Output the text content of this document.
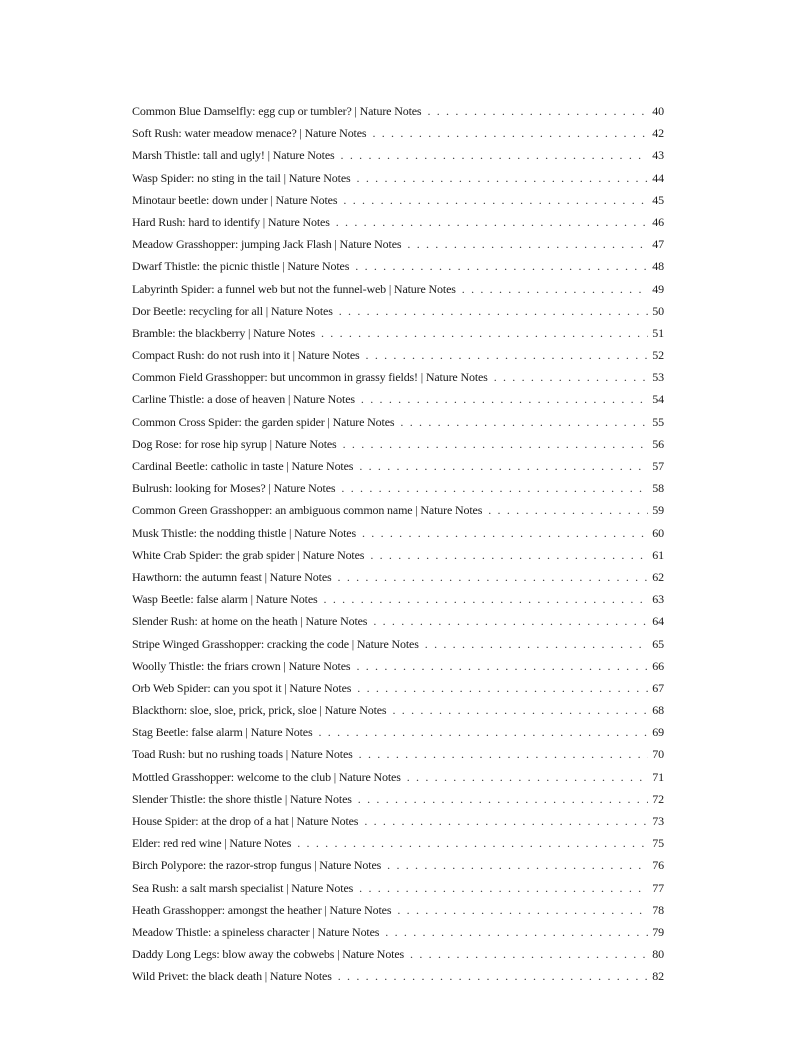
Common Blue Damselfly: egg cup or tumbler? | Nature Notes . . .	40
Soft Rush: water meadow menace? | Nature Notes . . .	42
Marsh Thistle: tall and ugly! | Nature Notes . . .	43
Wasp Spider: no sting in the tail | Nature Notes . . .	44
Minotaur beetle: down under | Nature Notes . . .	45
Hard Rush: hard to identify | Nature Notes . . .	46
Meadow Grasshopper: jumping Jack Flash | Nature Notes . . .	47
Dwarf Thistle: the picnic thistle | Nature Notes . . .	48
Labyrinth Spider: a funnel web but not the funnel-web | Nature Notes . . .	49
Dor Beetle: recycling for all | Nature Notes . . .	50
Bramble: the blackberry | Nature Notes . . .	51
Compact Rush: do not rush into it | Nature Notes . . .	52
Common Field Grasshopper: but uncommon in grassy fields! | Nature Notes . . .	53
Carline Thistle: a dose of heaven | Nature Notes . . .	54
Common Cross Spider: the garden spider | Nature Notes . . .	55
Dog Rose: for rose hip syrup | Nature Notes . . .	56
Cardinal Beetle: catholic in taste | Nature Notes . . .	57
Bulrush: looking for Moses? | Nature Notes . . .	58
Common Green Grasshopper: an ambiguous common name | Nature Notes . . .	59
Musk Thistle: the nodding thistle | Nature Notes . . .	60
White Crab Spider: the grab spider | Nature Notes . . .	61
Hawthorn: the autumn feast | Nature Notes . . .	62
Wasp Beetle: false alarm | Nature Notes . . .	63
Slender Rush: at home on the heath | Nature Notes . . .	64
Stripe Winged Grasshopper: cracking the code | Nature Notes . . .	65
Woolly Thistle: the friars crown | Nature Notes . . .	66
Orb Web Spider: can you spot it | Nature Notes . . .	67
Blackthorn: sloe, sloe, prick, prick, sloe | Nature Notes . . .	68
Stag Beetle: false alarm | Nature Notes . . .	69
Toad Rush: but no rushing toads | Nature Notes . . .	70
Mottled Grasshopper: welcome to the club | Nature Notes . . .	71
Slender Thistle: the shore thistle | Nature Notes . . .	72
House Spider: at the drop of a hat | Nature Notes . . .	73
Elder: red red wine | Nature Notes . . .	75
Birch Polypore: the razor-strop fungus | Nature Notes . . .	76
Sea Rush: a salt marsh specialist | Nature Notes . . .	77
Heath Grasshopper: amongst the heather | Nature Notes . . .	78
Meadow Thistle: a spineless character | Nature Notes . . .	79
Daddy Long Legs: blow away the cobwebs | Nature Notes . . .	80
Wild Privet: the black death | Nature Notes . . .	82
